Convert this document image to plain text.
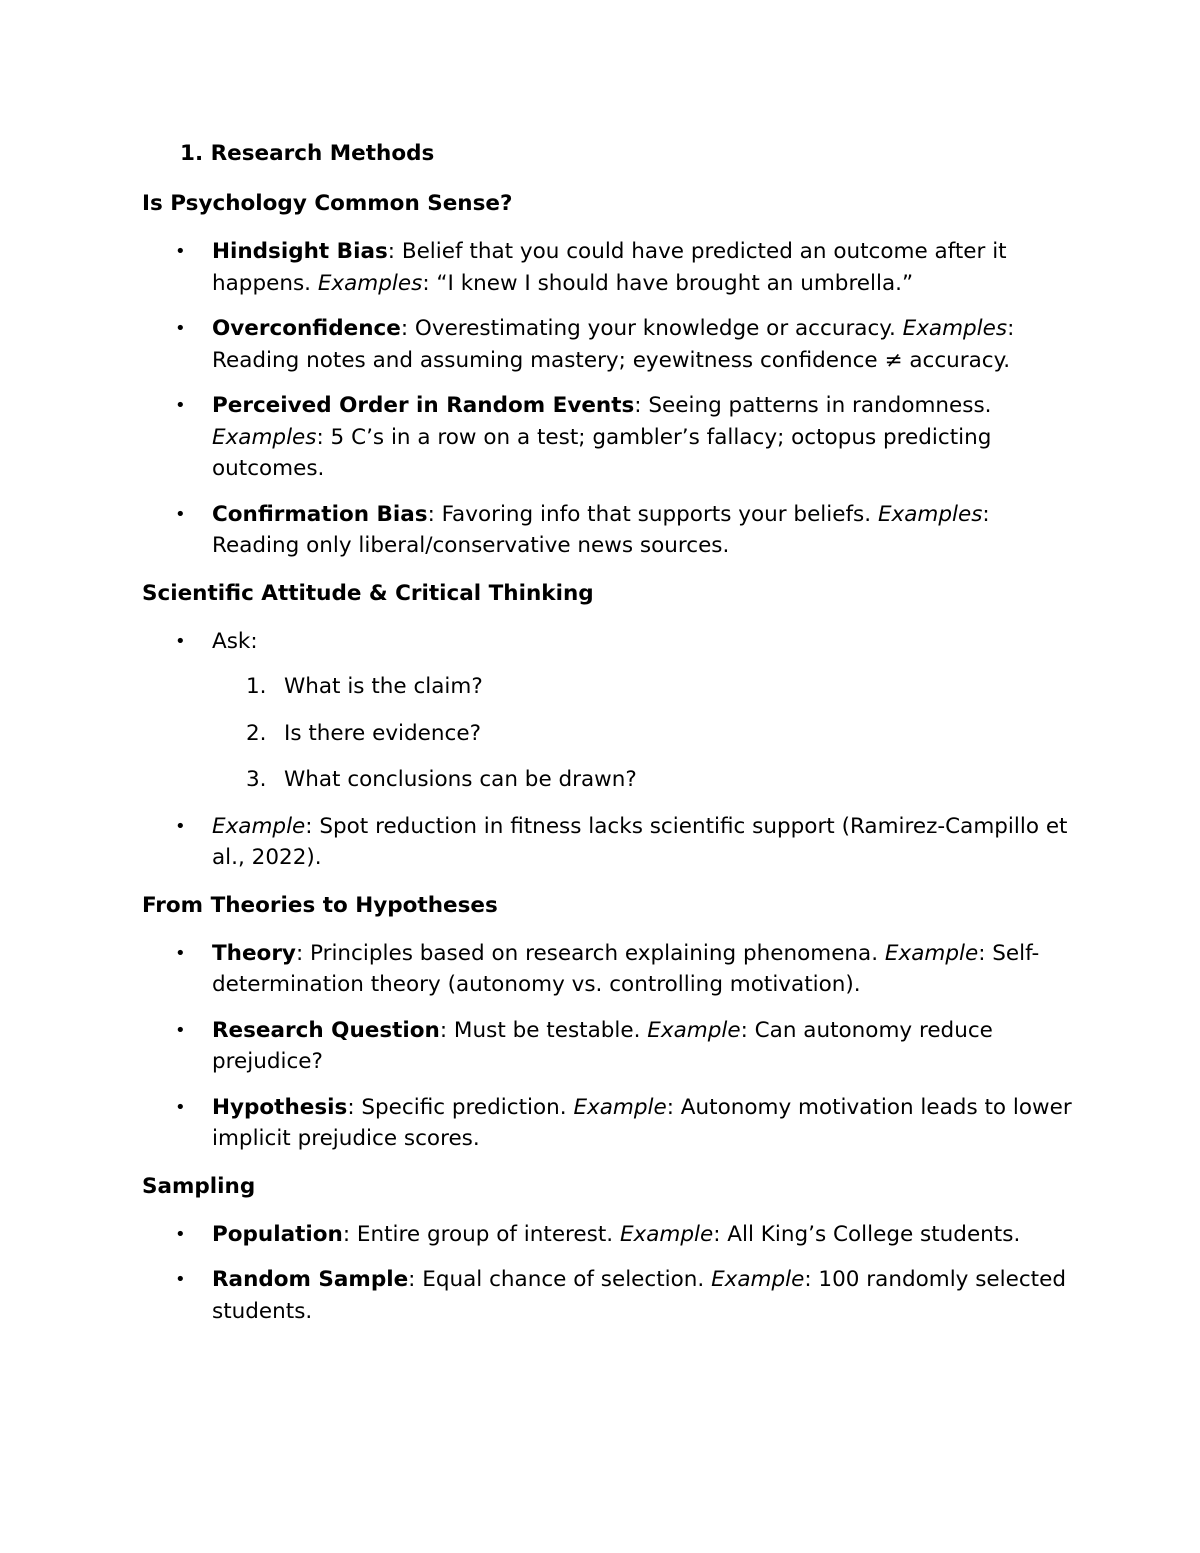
1. Research Methods
Is Psychology Common Sense?
• Hindsight Bias: Belief that you could have predicted an outcome after it happens. Examples: “I knew I should have brought an umbrella.”
• Overconfidence: Overestimating your knowledge or accuracy. Examples: Reading notes and assuming mastery; eyewitness confidence ≠ accuracy.
• Perceived Order in Random Events: Seeing patterns in randomness. Examples: 5 C’s in a row on a test; gambler’s fallacy; octopus predicting outcomes.
• Confirmation Bias: Favoring info that supports your beliefs. Examples: Reading only liberal/conservative news sources.
Scientific Attitude & Critical Thinking
• Ask:
1. What is the claim?
2. Is there evidence?
3. What conclusions can be drawn?
• Example: Spot reduction in fitness lacks scientific support (Ramirez-Campillo et al., 2022).
From Theories to Hypotheses
• Theory: Principles based on research explaining phenomena. Example: Self-determination theory (autonomy vs. controlling motivation).
• Research Question: Must be testable. Example: Can autonomy reduce prejudice?
• Hypothesis: Specific prediction. Example: Autonomy motivation leads to lower implicit prejudice scores.
Sampling
• Population: Entire group of interest. Example: All King’s College students.
• Random Sample: Equal chance of selection. Example: 100 randomly selected students.
